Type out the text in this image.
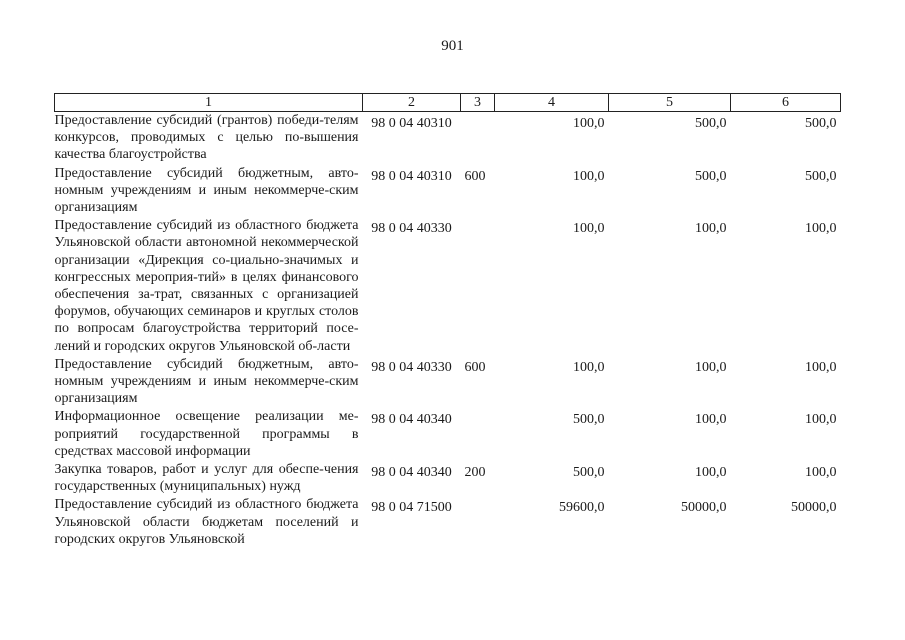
901
1	2	3	4	5	6
Предоставление субсидий (грантов) победи-телям конкурсов, проводимых с целью по-вышения качества благоустройства	98 0 04 40310		100,0	500,0	500,0
Предоставление субсидий бюджетным, авто-номным учреждениям и иным некоммерче-ским организациям	98 0 04 40310	600	100,0	500,0	500,0
Предоставление субсидий из областного бюджета Ульяновской области автономной некоммерческой организации «Дирекция со-циально-значимых и конгрессных мероприя-тий» в целях финансового обеспечения за-трат, связанных с организацией форумов, обучающих семинаров и круглых столов по вопросам благоустройства территорий посе-лений и городских округов Ульяновской об-ласти	98 0 04 40330		100,0	100,0	100,0
Предоставление субсидий бюджетным, авто-номным учреждениям и иным некоммерче-ским организациям	98 0 04 40330	600	100,0	100,0	100,0
Информационное освещение реализации ме-роприятий государственной программы в средствах массовой информации	98 0 04 40340		500,0	100,0	100,0
Закупка товаров, работ и услуг для обеспе-чения государственных (муниципальных) нужд	98 0 04 40340	200	500,0	100,0	100,0
Предоставление субсидий из областного бюджета Ульяновской области бюджетам поселений и городских округов Ульяновской	98 0 04 71500		59600,0	50000,0	50000,0
